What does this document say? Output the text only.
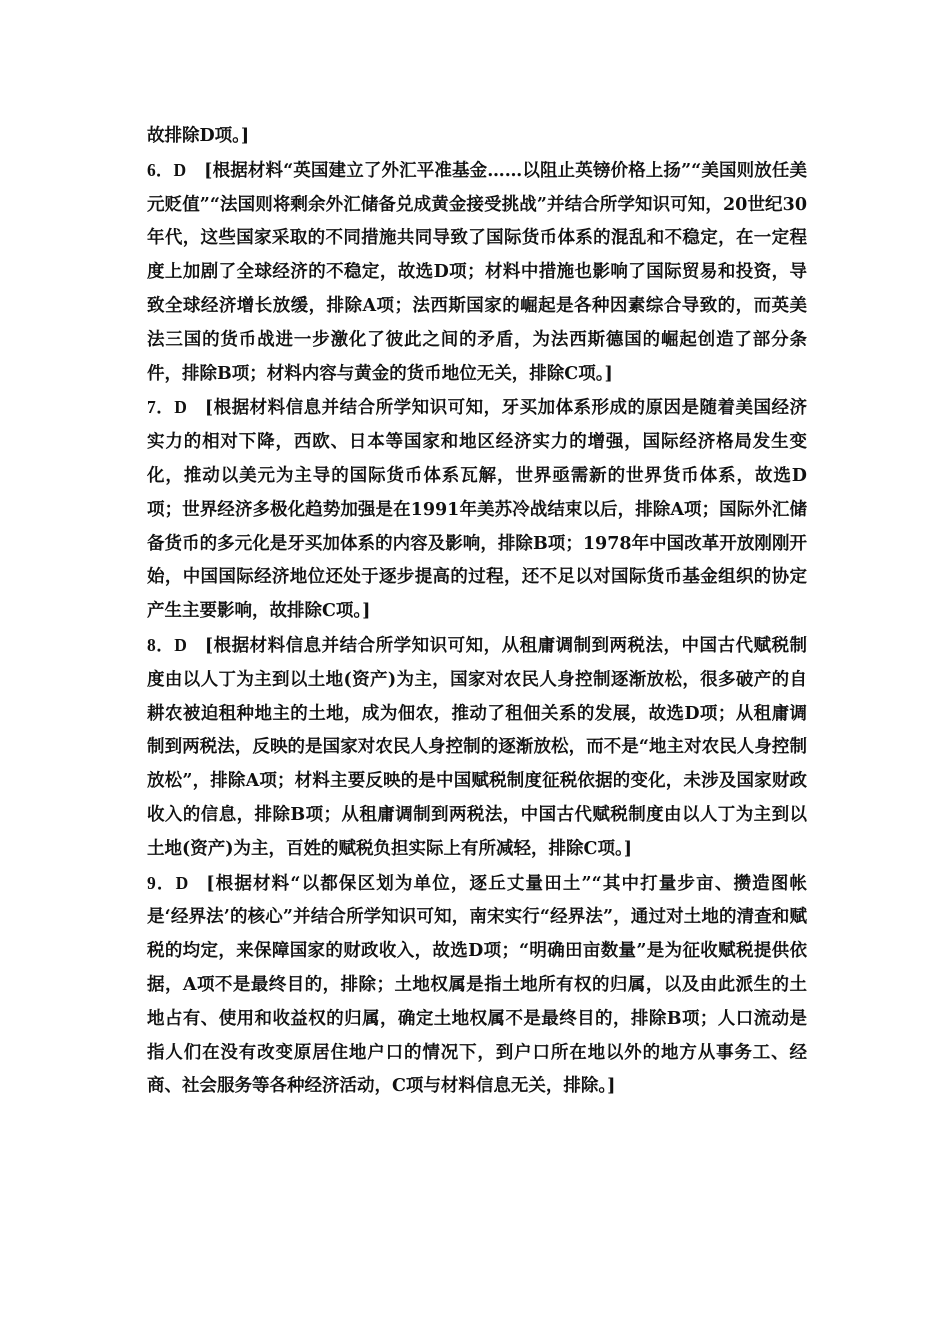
故排除D项。]

6．D [根据材料“英国建立了外汇平准基金……以阻止英镑价格上扬”“美国则放任美元贬值”“法国则将剩余外汇储备兑成黄金接受挑战”并结合所学知识可知，20世纪30年代，这些国家采取的不同措施共同导致了国际货币体系的混乱和不稳定，在一定程度上加剧了全球经济的不稳定，故选D项；材料中措施也影响了国际贸易和投资，导致全球经济增长放缓，排除A项；法西斯国家的崛起是各种因素综合导致的，而英美法三国的货币战进一步激化了彼此之间的矛盾，为法西斯德国的崛起创造了部分条件，排除B项；材料内容与黄金的货币地位无关，排除C项。]

7．D [根据材料信息并结合所学知识可知，牙买加体系形成的原因是随着美国经济实力的相对下降，西欧、日本等国家和地区经济实力的增强，国际经济格局发生变化，推动以美元为主导的国际货币体系瓦解，世界亟需新的世界货币体系，故选D项；世界经济多极化趋势加强是在1991年美苏冷战结束以后，排除A项；国际外汇储备货币的多元化是牙买加体系的内容及影响，排除B项；1978年中国改革开放刚刚开始，中国国际经济地位还处于逐步提高的过程，还不足以对国际货币基金组织的协定产生主要影响，故排除C项。]

8．D [根据材料信息并结合所学知识可知，从租庸调制到两税法，中国古代赋税制度由以人丁为主到以土地(资产)为主，国家对农民人身控制逐渐放松，很多破产的自耕农被迫租种地主的土地，成为佃农，推动了租佃关系的发展，故选D项；从租庸调制到两税法，反映的是国家对农民人身控制的逐渐放松，而不是“地主对农民人身控制放松”，排除A项；材料主要反映的是中国赋税制度征税依据的变化，未涉及国家财政收入的信息，排除B项；从租庸调制到两税法，中国古代赋税制度由以人丁为主到以土地(资产)为主，百姓的赋税负担实际上有所减轻，排除C项。]

9．D [根据材料“以都保区划为单位，逐丘丈量田土”“其中打量步亩、攒造图帐是‘经界法’的核心”并结合所学知识可知，南宋实行“经界法”，通过对土地的清查和赋税的均定，来保障国家的财政收入，故选D项；“明确田亩数量”是为征收赋税提供依据，A项不是最终目的，排除；土地权属是指土地所有权的归属，以及由此派生的土地占有、使用和收益权的归属，确定土地权属不是最终目的，排除B项；人口流动是指人们在没有改变原居住地户口的情况下，到户口所在地以外的地方从事务工、经商、社会服务等各种经济活动，C项与材料信息无关，排除。]
